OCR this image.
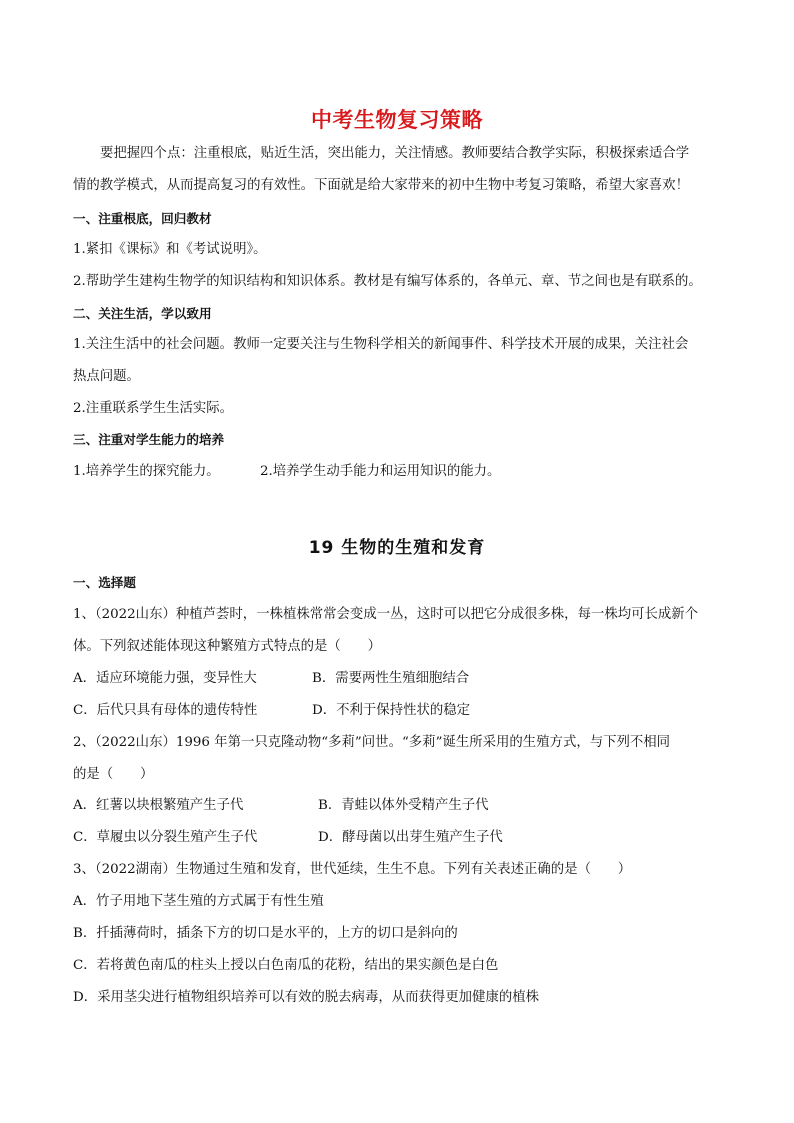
中考生物复习策略
要把握四个点：注重根底，贴近生活，突出能力，关注情感。教师要结合教学实际，积极探索适合学
情的教学模式，从而提高复习的有效性。下面就是给大家带来的初中生物中考复习策略，希望大家喜欢！
一、注重根底，回归教材
1.紧扣《课标》和《考试说明》。
2.帮助学生建构生物学的知识结构和知识体系。教材是有编写体系的，各单元、章、节之间也是有联系的。
二、关注生活，学以致用
1.关注生活中的社会问题。教师一定要关注与生物科学相关的新闻事件、科学技术开展的成果，关注社会
热点问题。
2.注重联系学生生活实际。
三、注重对学生能力的培养
1.培养学生的探究能力。	2.培养学生动手能力和运用知识的能力。
19 生物的生殖和发育
一、选择题
1、（2022山东）种植芦荟时，一株植株常常会变成一丛，这时可以把它分成很多株，每一株均可长成新个
体。下列叙述能体现这种繁殖方式特点的是（　　）
A．适应环境能力强，变异性大	B．需要两性生殖细胞结合
C．后代只具有母体的遗传特性	D．不利于保持性状的稳定
2、（2022山东）1996 年第一只克隆动物“多莉”问世。“多莉”诞生所采用的生殖方式，与下列不相同
的是（　　）
A．红薯以块根繁殖产生子代	B．青蛙以体外受精产生子代
C．草履虫以分裂生殖产生子代	D．酵母菌以出芽生殖产生子代
3、（2022湖南）生物通过生殖和发育，世代延续，生生不息。下列有关表述正确的是（　　）
A．竹子用地下茎生殖的方式属于有性生殖
B．扦插薄荷时，插条下方的切口是水平的，上方的切口是斜向的
C．若将黄色南瓜的柱头上授以白色南瓜的花粉，结出的果实颜色是白色
D．采用茎尖进行植物组织培养可以有效的脱去病毒，从而获得更加健康的植株
